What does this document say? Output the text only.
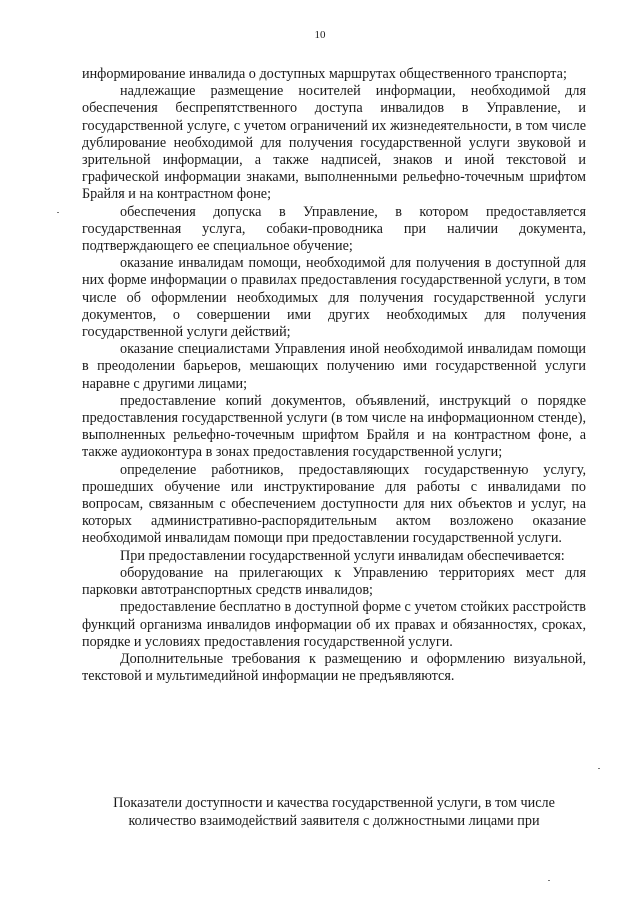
10

информирование инвалида о доступных маршрутах общественного транспорта;

надлежащие размещение носителей информации, необходимой для обеспечения беспрепятственного доступа инвалидов в Управление, и государственной услуге, с учетом ограничений их жизнедеятельности, в том числе дублирование необходимой для получения государственной услуги звуковой и зрительной информации, а также надписей, знаков и иной текстовой и графической информации знаками, выполненными рельефно-точечным шрифтом Брайля и на контрастном фоне;

обеспечения допуска в Управление, в котором предоставляется государственная услуга, собаки-проводника при наличии документа, подтверждающего ее специальное обучение;

оказание инвалидам помощи, необходимой для получения в доступной для них форме информации о правилах предоставления государственной услуги, в том числе об оформлении необходимых для получения государственной услуги документов, о совершении ими других необходимых для получения государственной услуги действий;

оказание специалистами Управления иной необходимой инвалидам помощи в преодолении барьеров, мешающих получению ими государственной услуги наравне с другими лицами;

предоставление копий документов, объявлений, инструкций о порядке предоставления государственной услуги (в том числе на информационном стенде), выполненных рельефно-точечным шрифтом Брайля и на контрастном фоне, а также аудиоконтура в зонах предоставления государственной услуги;

определение работников, предоставляющих государственную услугу, прошедших обучение или инструктирование для работы с инвалидами по вопросам, связанным с обеспечением доступности для них объектов и услуг, на которых административно-распорядительным актом возложено оказание необходимой инвалидам помощи при предоставлении государственной услуги.

При предоставлении государственной услуги инвалидам обеспечивается:

оборудование на прилегающих к Управлению территориях мест для парковки автотранспортных средств инвалидов;

предоставление бесплатно в доступной форме с учетом стойких расстройств функций организма инвалидов информации об их правах и обязанностях, сроках, порядке и условиях предоставления государственной услуги.

Дополнительные требования к размещению и оформлению визуальной, текстовой и мультимедийной информации не предъявляются.

Показатели доступности и качества государственной услуги, в том числе
количество взаимодействий заявителя с должностными лицами при
